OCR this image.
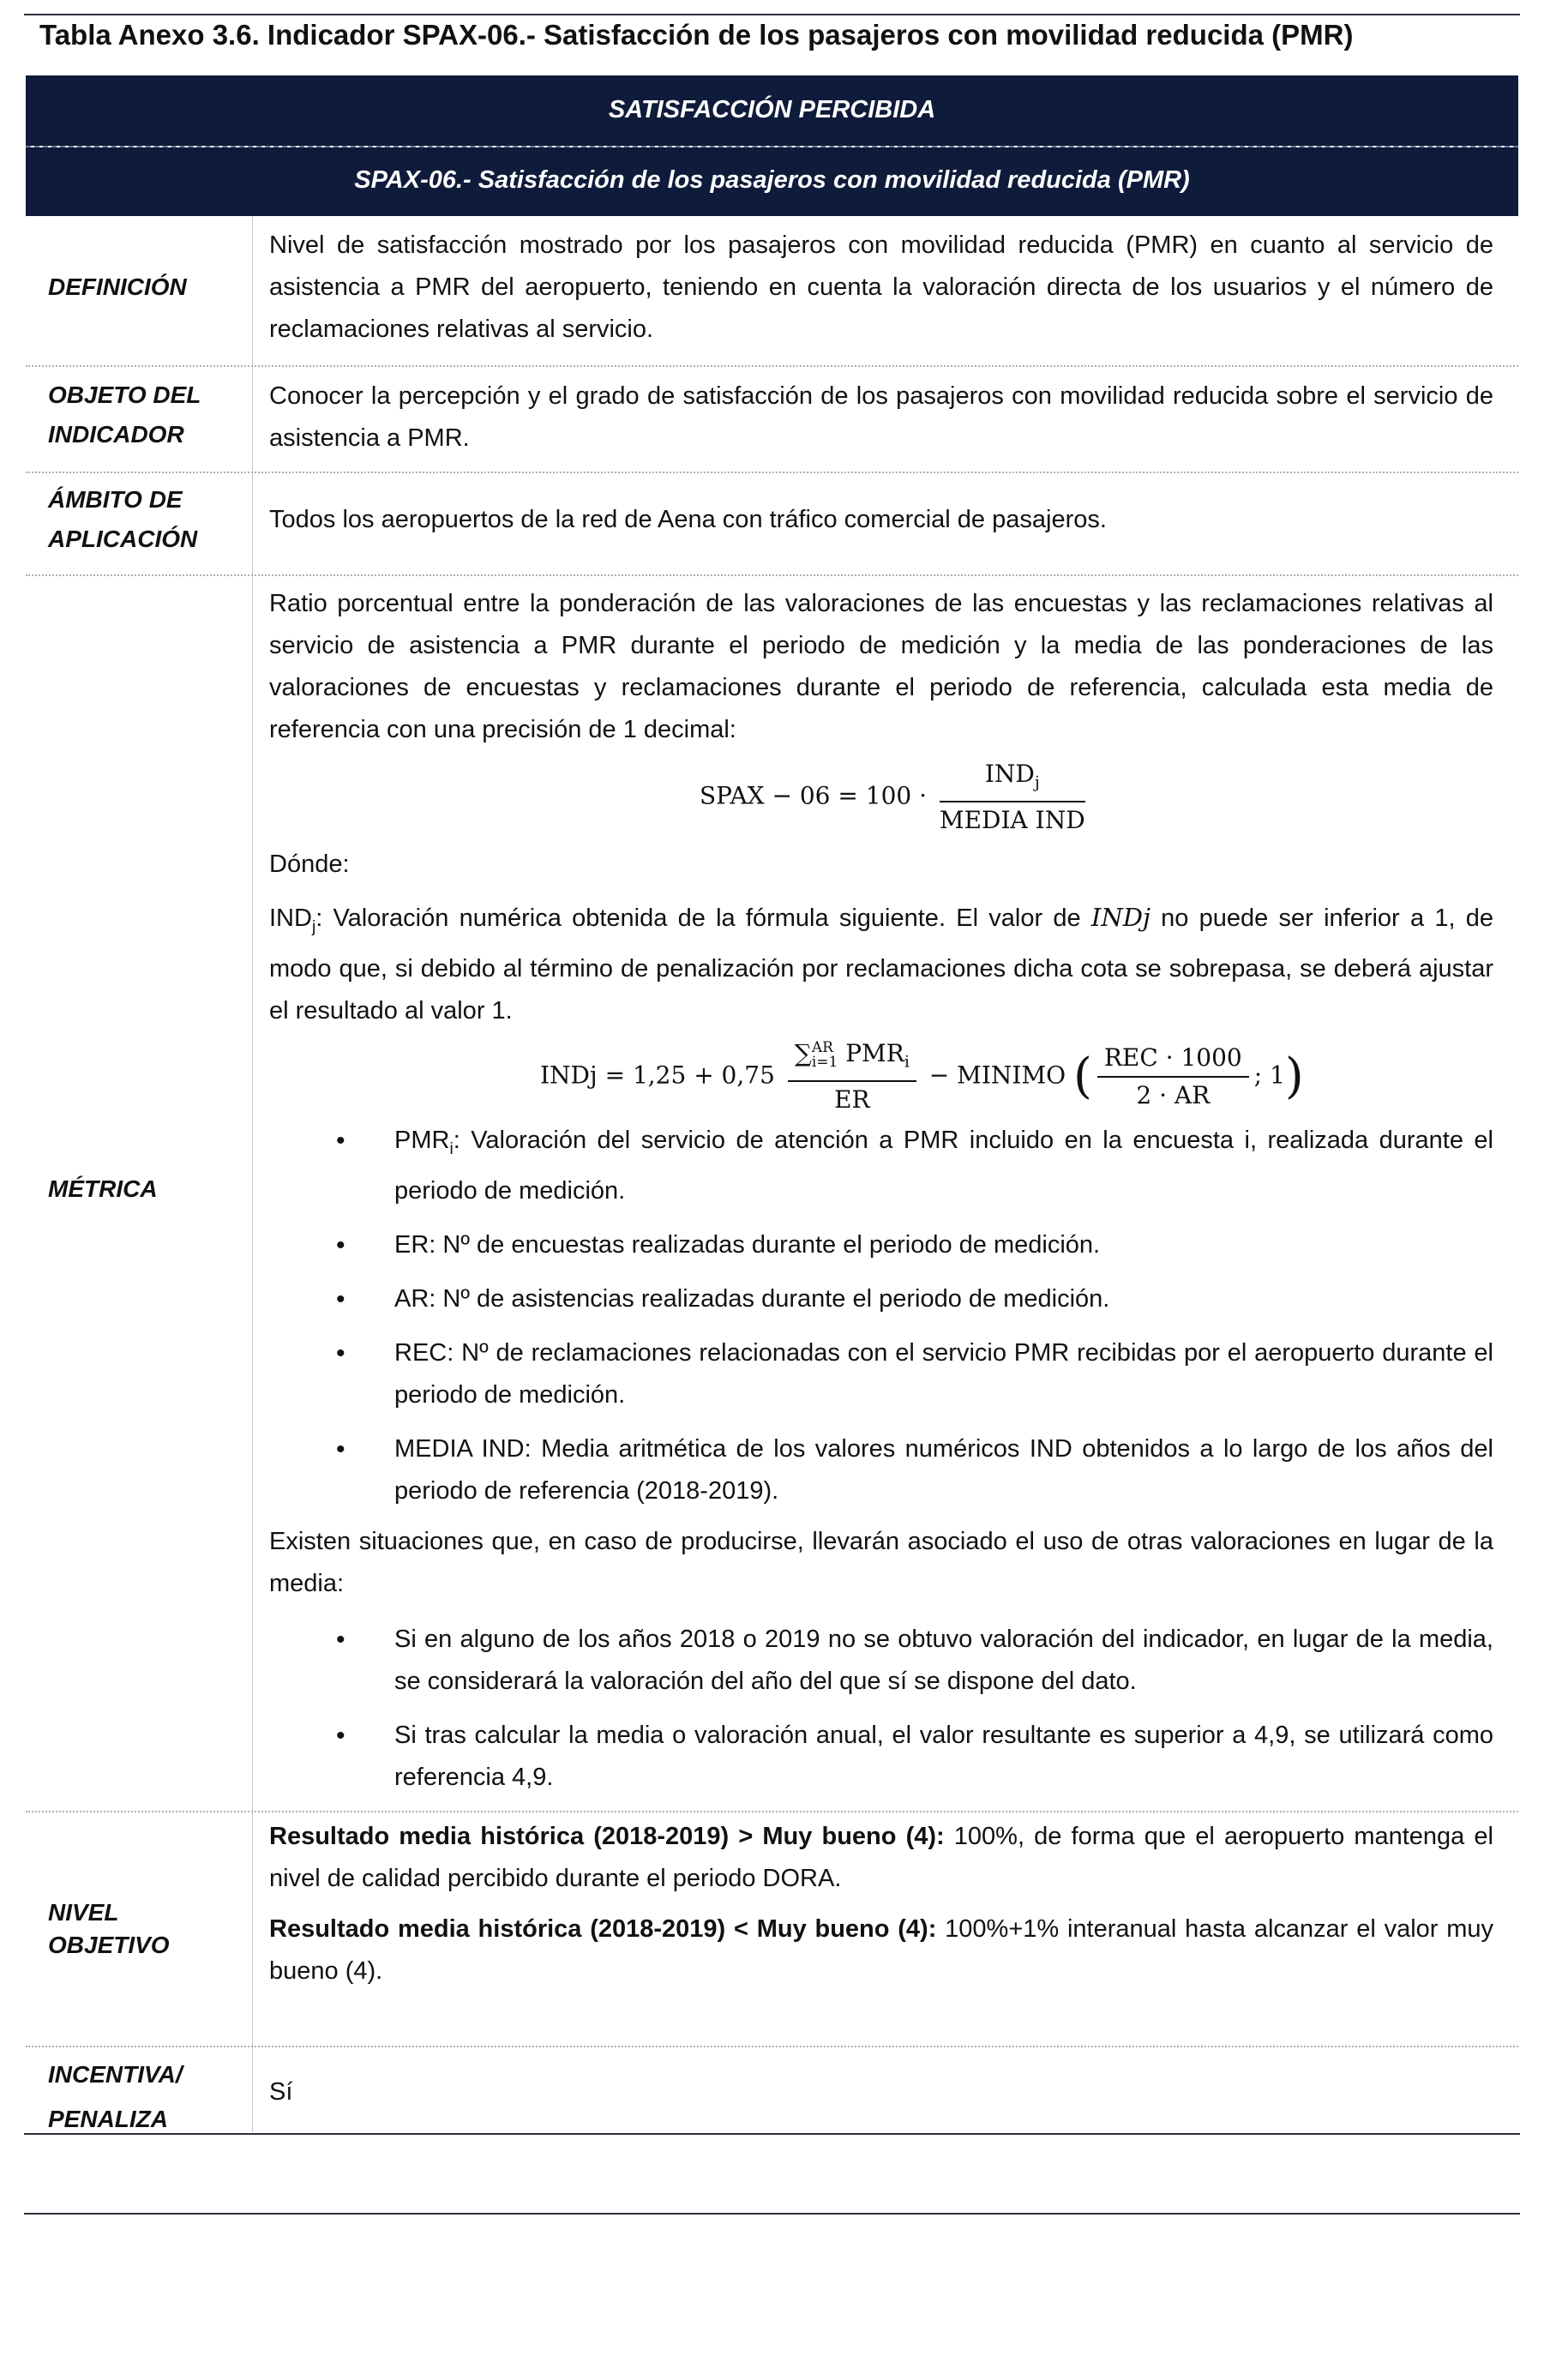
Tabla Anexo 3.6. Indicador SPAX-06.- Satisfacción de los pasajeros con movilidad reducida (PMR)
SATISFACCIÓN PERCIBIDA
SPAX-06.- Satisfacción de los pasajeros con movilidad reducida (PMR)
DEFINICIÓN
Nivel de satisfacción mostrado por los pasajeros con movilidad reducida (PMR) en cuanto al servicio de asistencia a PMR del aeropuerto, teniendo en cuenta la valoración directa de los usuarios y el número de reclamaciones relativas al servicio.
OBJETO DEL
INDICADOR
Conocer la percepción y el grado de satisfacción de los pasajeros con movilidad reducida sobre el servicio de asistencia a PMR.
ÁMBITO DE
APLICACIÓN
Todos los aeropuertos de la red de Aena con tráfico comercial de pasajeros.
MÉTRICA
Ratio porcentual entre la ponderación de las valoraciones de las encuestas y las reclamaciones relativas al servicio de asistencia a PMR durante el periodo de medición y la media de las ponderaciones de las valoraciones de encuestas y reclamaciones durante el periodo de referencia, calculada esta media de referencia con una precisión de 1 decimal:
SPAX − $06 = 100 \cdot \frac{IND_j}{\text{MEDIA IND}}$
Dónde:
$IND_j$: Valoración numérica obtenida de la fórmula siguiente. El valor de INDj no puede ser inferior a 1, de modo que, si debido al término de penalización por reclamaciones dicha cota se sobrepasa, se deberá ajustar el resultado al valor 1.
INDj = 1,25 + 0,75 ∑ AR
i=1 $PMR_i$
ER − MINIMO ( $\frac{\text{REC · 1000}}{2 \cdot AR}$ ; 1)
• $PMR_i$: Valoración del servicio de atención a PMR incluido en la encuesta i, realizada durante el periodo de medición.
• ER: Nº de encuestas realizadas durante el periodo de medición.
• AR: Nº de asistencias realizadas durante el periodo de medición.
• REC: Nº de reclamaciones relacionadas con el servicio PMR recibidas por el aeropuerto durante el periodo de medición.
• MEDIA IND: Media aritmética de los valores numéricos IND obtenidos a lo largo de los años del periodo de referencia (2018-2019).
Existen situaciones que, en caso de producirse, llevarán asociado el uso de otras valoraciones en lugar de la media:
• Si en alguno de los años 2018 o 2019 no se obtuvo valoración del indicador, en lugar de la media, se considerará la valoración del año del que sí se dispone del dato.
• Si tras calcular la media o valoración anual, el valor resultante es superior a 4,9, se utilizará como referencia 4,9.
NIVEL
OBJETIVO

Resultado media histórica (2018-2019) > Muy bueno (4): 100%, de forma que el aeropuerto mantenga el nivel de calidad percibido durante el periodo DORA.

Resultado media histórica (2018-2019) < Muy bueno (4): 100%+1% interanual hasta alcanzar el valor muy bueno (4).

INCENTIVA/
PENALIZA
Sí
